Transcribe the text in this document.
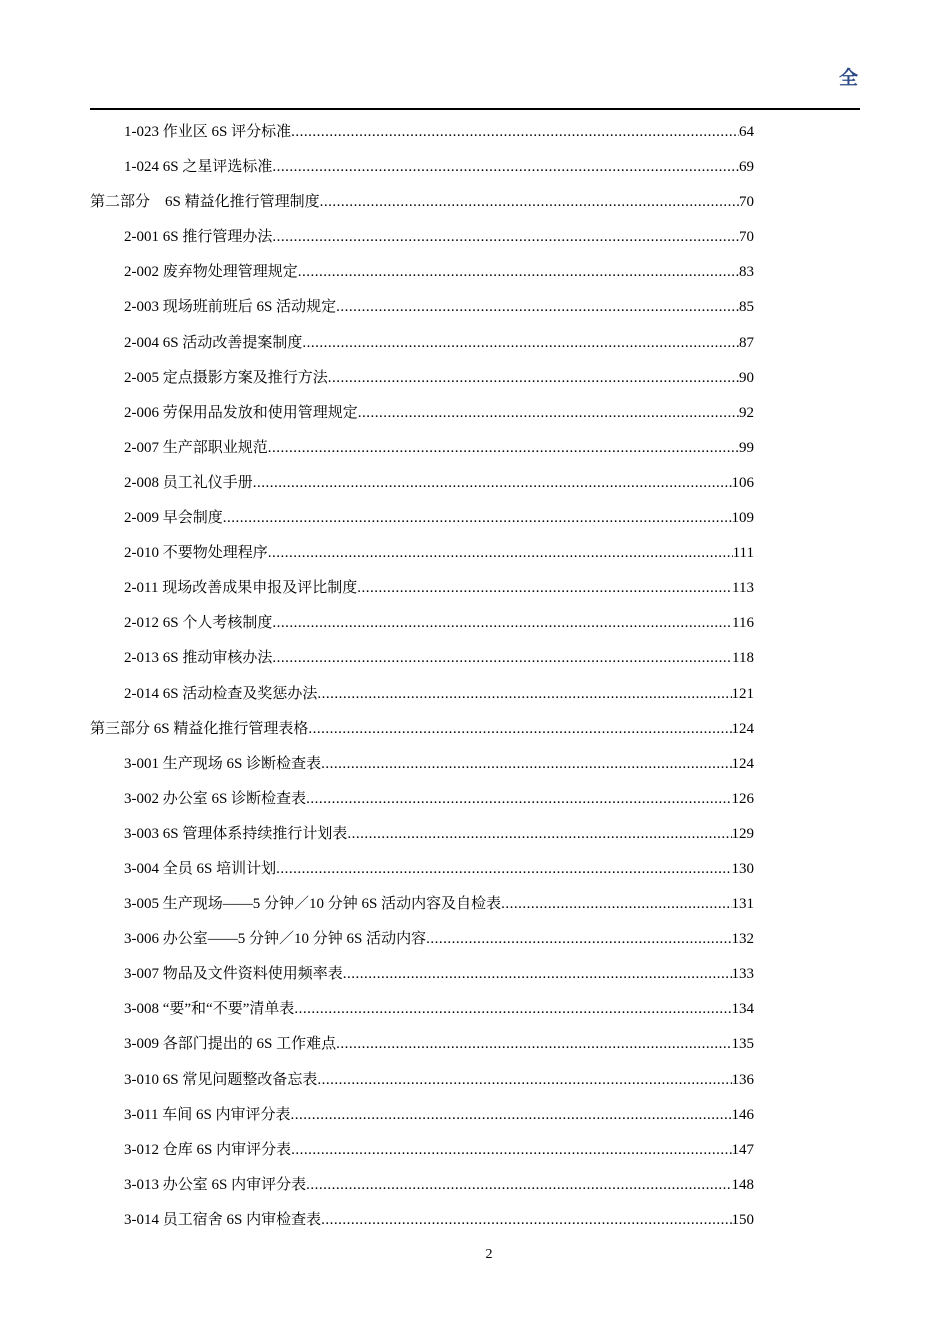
全
1-023 作业区 6S 评分标准 .....	64
1-024 6S 之星评选标准 .....	69
第二部分　6S 精益化推行管理制度 .....	70
2-001 6S 推行管理办法 .....	70
2-002 废弃物处理管理规定 .....	83
2-003 现场班前班后 6S 活动规定 .....	85
2-004 6S 活动改善提案制度 .....	87
2-005 定点摄影方案及推行方法 .....	90
2-006 劳保用品发放和使用管理规定 .....	92
2-007 生产部职业规范 .....	99
2-008 员工礼仪手册 .....	106
2-009 早会制度 .....	109
2-010 不要物处理程序 .....	111
2-011 现场改善成果申报及评比制度 .....	113
2-012 6S 个人考核制度 .....	116
2-013 6S 推动审核办法 .....	118
2-014 6S 活动检查及奖惩办法 .....	121
第三部分 6S 精益化推行管理表格 .....	124
3-001 生产现场 6S 诊断检查表 .....	124
3-002 办公室 6S 诊断检查表 .....	126
3-003 6S 管理体系持续推行计划表 .....	129
3-004 全员 6S 培训计划 .....	130
3-005 生产现场——5 分钟／10 分钟 6S 活动内容及自检表 .....	131
3-006 办公室——5 分钟／10 分钟 6S 活动内容 .....	132
3-007 物品及文件资料使用频率表 .....	133
3-008 “要”和“不要”清单表 .....	134
3-009 各部门提出的 6S 工作难点 .....	135
3-010 6S 常见问题整改备忘表 .....	136
3-011 车间 6S 内审评分表 .....	146
3-012 仓库 6S 内审评分表 .....	147
3-013 办公室 6S 内审评分表 .....	148
3-014 员工宿舍 6S 内审检查表 .....	150
2
